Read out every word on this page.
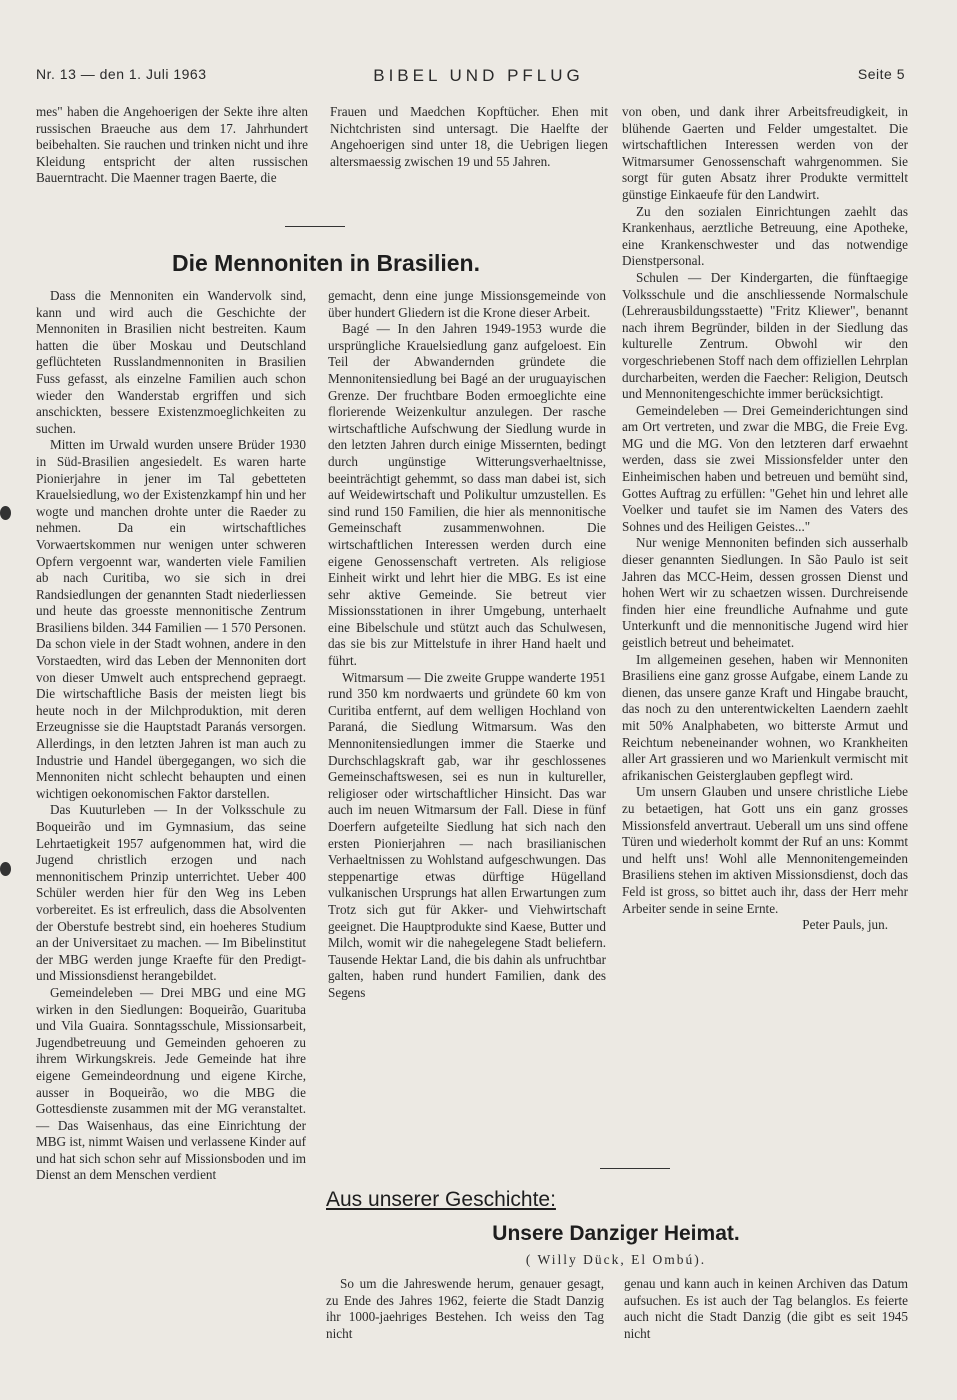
Nr. 13 — den 1. Juli 1963	BIBEL UND PFLUG	Seite 5

mes" haben die Angehoerigen der Sekte ihre alten russischen Braeuche aus dem 17. Jahrhundert beibehalten. Sie rauchen und trinken nicht und ihre Kleidung entspricht der alten russischen Bauerntracht. Die Maenner tragen Baerte, die

Frauen und Maedchen Kopftücher. Ehen mit Nichtchristen sind untersagt. Die Haelfte der Angehoerigen sind unter 18, die Uebrigen liegen altersmaessig zwischen 19 und 55 Jahren.

Die Mennoniten in Brasilien.

Dass die Mennoniten ein Wandervolk sind, kann und wird auch die Geschichte der Mennoniten in Brasilien nicht bestreiten. Kaum hatten die über Moskau und Deutschland geflüchteten Russlandmennoniten in Brasilien Fuss gefasst, als einzelne Familien auch schon wieder den Wanderstab ergriffen und sich anschickten, bessere Existenzmoeglichkeiten zu suchen.

Mitten im Urwald wurden unsere Brüder 1930 in Süd-Brasilien angesiedelt. Es waren harte Pionierjahre in jener im Tal gebetteten Krauelsiedlung, wo der Existenzkampf hin und her wogte und manchen drohte unter die Raeder zu nehmen. Da ein wirtschaftliches Vorwaertskommen nur wenigen unter schweren Opfern vergoennt war, wanderten viele Familien ab nach Curitiba, wo sie sich in drei Randsiedlungen der genannten Stadt niederliessen und heute das groesste mennonitische Zentrum Brasiliens bilden. 344 Familien — 1 570 Personen. Da schon viele in der Stadt wohnen, andere in den Vorstaedten, wird das Leben der Mennoniten dort von dieser Umwelt auch entsprechend gepraegt. Die wirtschaftliche Basis der meisten liegt bis heute noch in der Milchproduktion, mit deren Erzeugnisse sie die Hauptstadt Paranás versorgen. Allerdings, in den letzten Jahren ist man auch zu Industrie und Handel übergegangen, wo sich die Mennoniten nicht schlecht behaupten und einen wichtigen oekonomischen Faktor darstellen.

Das Kuuturleben — In der Volksschule zu Boqueirão und im Gymnasium, das seine Lehrtaetigkeit 1957 aufgenommen hat, wird die Jugend christlich erzogen und nach mennonitischem Prinzip unterrichtet. Ueber 400 Schüler werden hier für den Weg ins Leben vorbereitet. Es ist erfreulich, dass die Absolventen der Oberstufe bestrebt sind, ein hoeheres Studium an der Universitaet zu machen. — Im Bibelinstitut der MBG werden junge Kraefte für den Predigt- und Missionsdienst herangebildet.

Gemeindeleben — Drei MBG und eine MG wirken in den Siedlungen: Boqueirão, Guarituba und Vila Guaira. Sonntagsschule, Missionsarbeit, Jugendbetreuung und Gemeinden gehoeren zu ihrem Wirkungskreis. Jede Gemeinde hat ihre eigene Gemeindeordnung und eigene Kirche, ausser in Boqueirão, wo die MBG die Gottesdienste zusammen mit der MG veranstaltet. — Das Waisenhaus, das eine Einrichtung der MBG ist, nimmt Waisen und verlassene Kinder auf und hat sich schon sehr auf Missionsboden und im Dienst an dem Menschen verdient

gemacht, denn eine junge Missionsgemeinde von über hundert Gliedern ist die Krone dieser Arbeit.

Bagé — In den Jahren 1949-1953 wurde die ursprüngliche Krauelsiedlung ganz aufgeloest. Ein Teil der Abwandernden gründete die Mennonitensiedlung bei Bagé an der uruguayischen Grenze. Der fruchtbare Boden ermoeglichte eine florierende Weizenkultur anzulegen. Der rasche wirtschaftliche Aufschwung der Siedlung wurde in den letzten Jahren durch einige Missernten, bedingt durch ungünstige Witterungsverhaeltnisse, beeinträchtigt gehemmt, so dass man dabei ist, sich auf Weidewirtschaft und Polikultur umzustellen. Es sind rund 150 Familien, die hier als mennonitische Gemeinschaft zusammenwohnen. Die wirtschaftlichen Interessen werden durch eine eigene Genossenschaft vertreten. Als religiose Einheit wirkt und lehrt hier die MBG. Es ist eine sehr aktive Gemeinde. Sie betreut vier Missionsstationen in ihrer Umgebung, unterhaelt eine Bibelschule und stützt auch das Schulwesen, das sie bis zur Mittelstufe in ihrer Hand haelt und führt.

Witmarsum — Die zweite Gruppe wanderte 1951 rund 350 km nordwaerts und gründete 60 km von Curitiba entfernt, auf dem welligen Hochland von Paraná, die Siedlung Witmarsum. Was den Mennonitensiedlungen immer die Staerke und Durchschlagskraft gab, war ihr geschlossenes Gemeinschaftswesen, sei es nun in kultureller, religioser oder wirtschaftlicher Hinsicht. Das war auch im neuen Witmarsum der Fall. Diese in fünf Doerfern aufgeteilte Siedlung hat sich nach den ersten Pionierjahren — nach brasilianischen Verhaeltnissen zu Wohlstand aufgeschwungen. Das steppenartige etwas dürftige Hügelland vulkanischen Ursprungs hat allen Erwartungen zum Trotz sich gut für Akker- und Viehwirtschaft geeignet. Die Hauptprodukte sind Kaese, Butter und Milch, womit wir die nahegelegene Stadt beliefern. Tausende Hektar Land, die bis dahin als unfruchtbar galten, haben rund hundert Familien, dank des Segens

von oben, und dank ihrer Arbeitsfreudigkeit, in blühende Gaerten und Felder umgestaltet. Die wirtschaftlichen Interessen werden von der Witmarsumer Genossenschaft wahrgenommen. Sie sorgt für guten Absatz ihrer Produkte vermittelt günstige Einkaeufe für den Landwirt.

Zu den sozialen Einrichtungen zaehlt das Krankenhaus, aerztliche Betreuung, eine Apotheke, eine Krankenschwester und das notwendige Dienstpersonal.

Schulen — Der Kindergarten, die fünftaegige Volksschule und die anschliessende Normalschule (Lehrerausbildungsstaette) "Fritz Kliewer", benannt nach ihrem Begründer, bilden in der Siedlung das kulturelle Zentrum. Obwohl wir den vorgeschriebenen Stoff nach dem offiziellen Lehrplan durcharbeiten, werden die Faecher: Religion, Deutsch und Mennonitengeschichte immer berücksichtigt.

Gemeindeleben — Drei Gemeinderichtungen sind am Ort vertreten, und zwar die MBG, die Freie Evg. MG und die MG. Von den letzteren darf erwaehnt werden, dass sie zwei Missionsfelder unter den Einheimischen haben und betreuen und bemüht sind, Gottes Auftrag zu erfüllen: "Gehet hin und lehret alle Voelker und taufet sie im Namen des Vaters des Sohnes und des Heiligen Geistes..."

Nur wenige Mennoniten befinden sich ausserhalb dieser genannten Siedlungen. In São Paulo ist seit Jahren das MCC-Heim, dessen grossen Dienst und hohen Wert wir zu schaetzen wissen. Durchreisende finden hier eine freundliche Aufnahme und gute Unterkunft und die mennonitische Jugend wird hier geistlich betreut und beheimatet.

Im allgemeinen gesehen, haben wir Mennoniten Brasiliens eine ganz grosse Aufgabe, einem Lande zu dienen, das unsere ganze Kraft und Hingabe braucht, das noch zu den unterentwickelten Laendern zaehlt mit 50% Analphabeten, wo bitterste Armut und Reichtum nebeneinander wohnen, wo Krankheiten aller Art grassieren und wo Marienkult vermischt mit afrikanischen Geisterglauben gepflegt wird.

Um unsern Glauben und unsere christliche Liebe zu betaetigen, hat Gott uns ein ganz grosses Missionsfeld anvertraut. Ueberall um uns sind offene Türen und wiederholt kommt der Ruf an uns: Kommt und helft uns! Wohl alle Mennonitengemeinden Brasiliens stehen im aktiven Missionsdienst, doch das Feld ist gross, so bittet auch ihr, dass der Herr mehr Arbeiter sende in seine Ernte.

Peter Pauls, jun.

Aus unserer Geschichte:
Unsere Danziger Heimat.
( Willy Dück, El Ombú).

So um die Jahreswende herum, genauer gesagt, zu Ende des Jahres 1962, feierte die Stadt Danzig ihr 1000-jaehriges Bestehen. Ich weiss den Tag nicht

genau und kann auch in keinen Archiven das Datum aufsuchen. Es ist auch der Tag belanglos. Es feierte auch nicht die Stadt Danzig (die gibt es seit 1945 nicht
